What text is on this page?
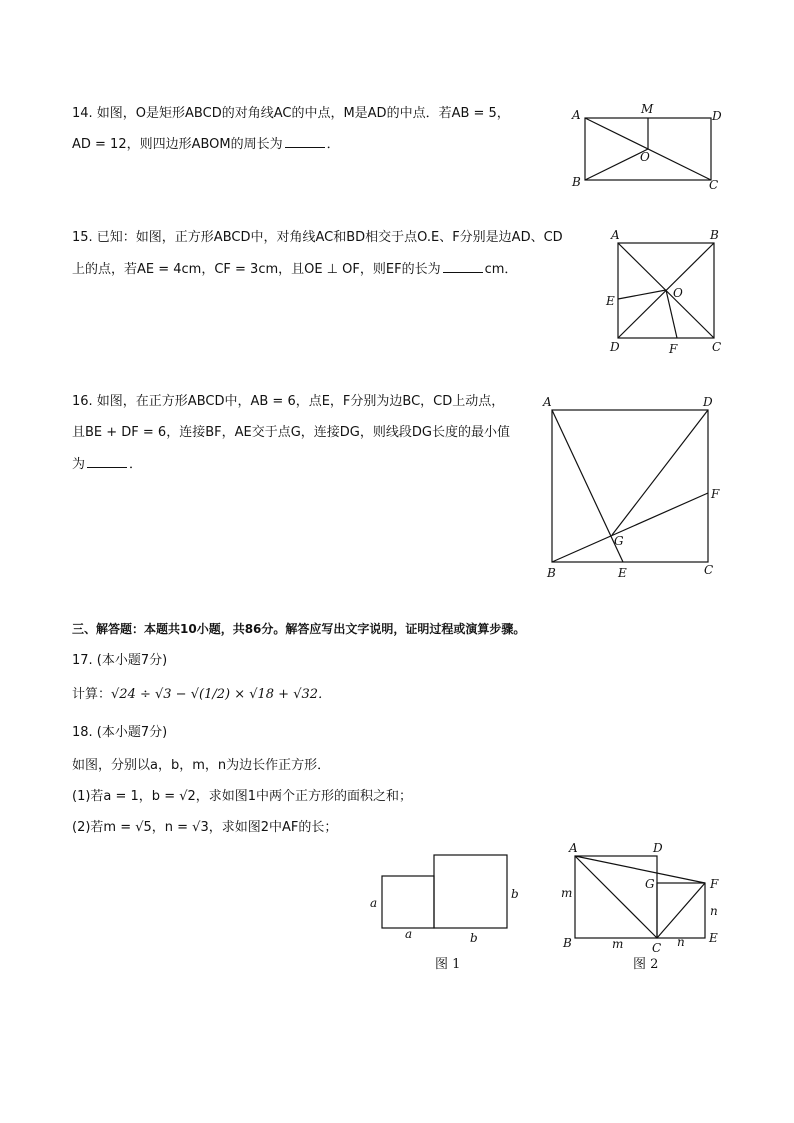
14. 如图，O是矩形ABCD的对角线AC的中点，M是AD的中点．若AB = 5，
AD = 12，则四边形ABOM的周长为	．
15. 已知：如图，正方形ABCD中，对角线AC和BD相交于点O.E、F分别是边AD、CD
上的点，若AE = 4cm，CF = 3cm，且OE ⊥ OF，则EF的长为	cm．
16. 如图，在正方形ABCD中，AB = 6，点E，F分别为边BC，CD上动点，
且BE + DF = 6，连接BF，AE交于点G，连接DG，则线段DG长度的最小值
为	．
三、解答题：本题共10小题，共86分。解答应写出文字说明，证明过程或演算步骤。
17. (本小题7分)
计算：√24 ÷ √3 − √(1/2) × √18 + √32．
18. (本小题7分)
如图，分别以a，b，m，n为边长作正方形．
(1)若a = 1，b = √2，求如图1中两个正方形的面积之和；
(2)若m = √5，n = √3，求如图2中AF的长；
A
B	C
D
M
O
A	B
C
D
E
F
O
A
B	C
D
E
F
G
a
a	b
b
图 1
A
B	C
D
E
F
G
m
m	n
n
图 2
